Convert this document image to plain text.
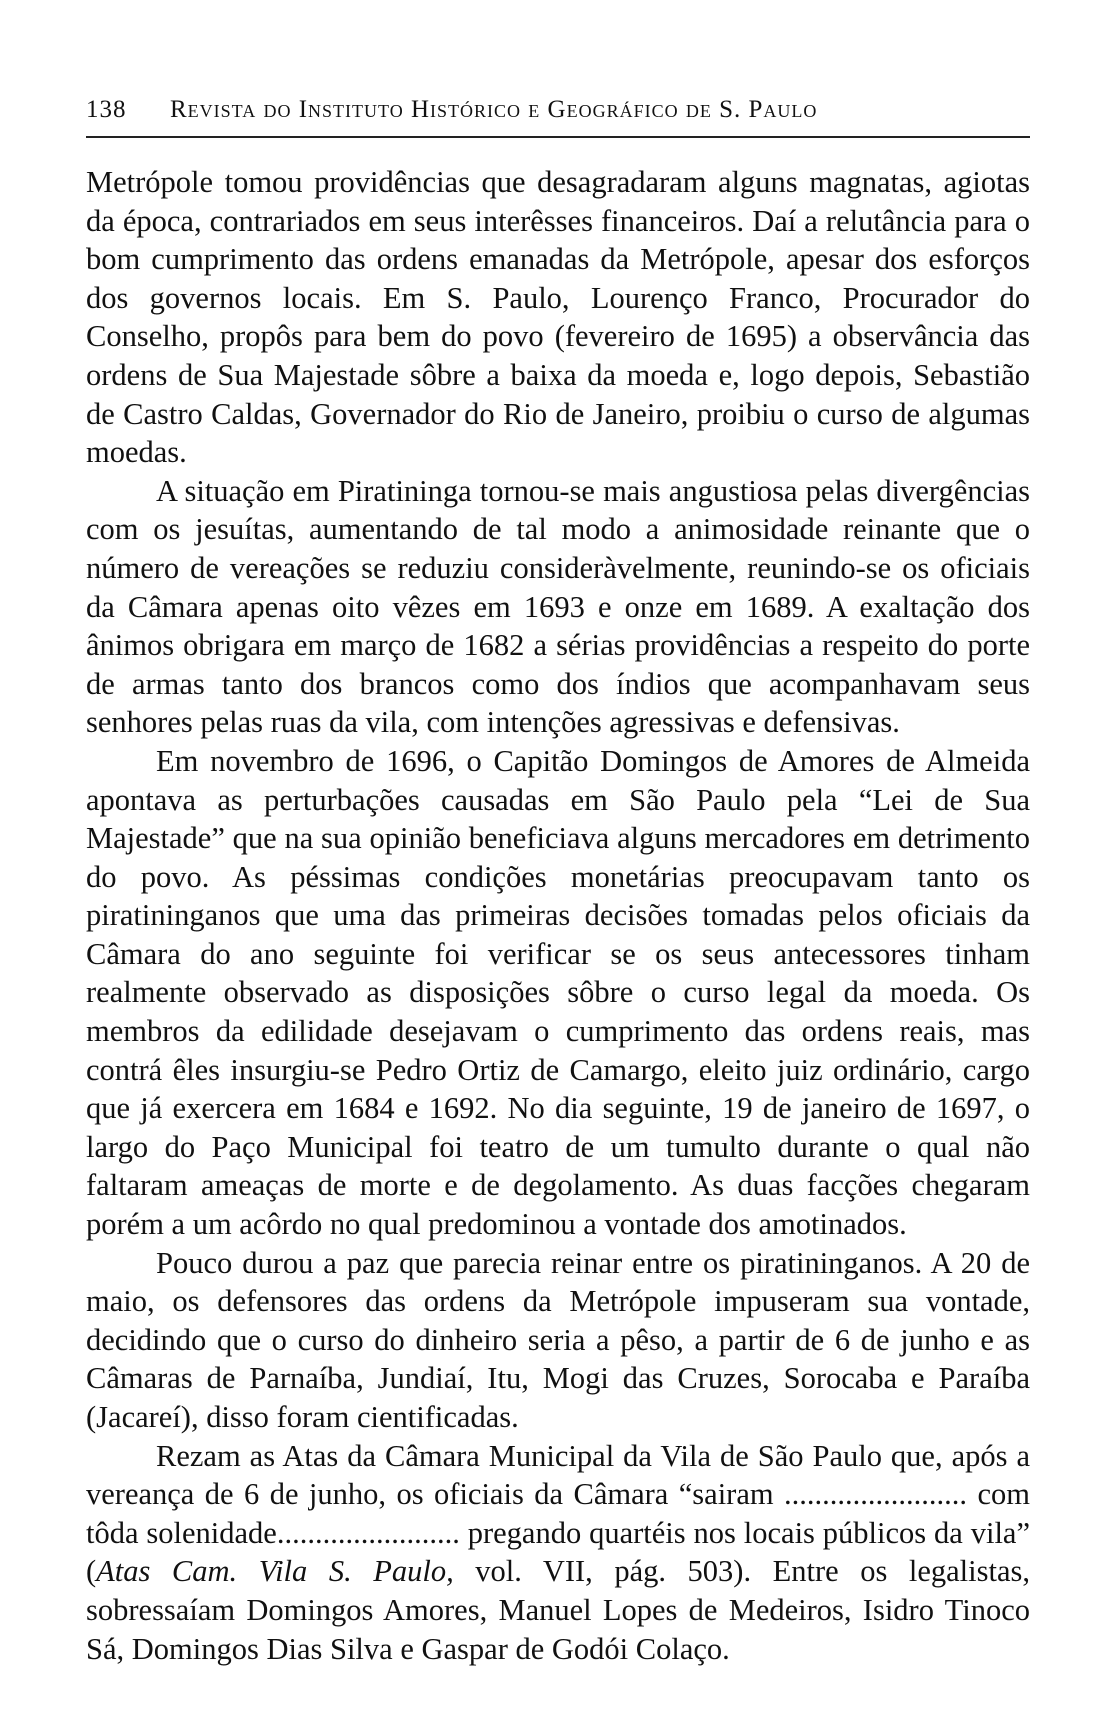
138	Revista do Instituto Histórico e Geográfico de S. Paulo

Metrópole tomou providências que desagradaram alguns magnatas, agiotas da época, contrariados em seus interêsses financeiros. Daí a relutância para o bom cumprimento das ordens emanadas da Metrópole, apesar dos esforços dos governos locais. Em S. Paulo, Lourenço Franco, Procurador do Conselho, propôs para bem do povo (fevereiro de 1695) a observância das ordens de Sua Majestade sôbre a baixa da moeda e, logo depois, Sebastião de Castro Caldas, Governador do Rio de Janeiro, proibiu o curso de algumas moedas.

A situação em Piratininga tornou-se mais angustiosa pelas divergências com os jesuítas, aumentando de tal modo a animosidade reinante que o número de vereações se reduziu consideràvelmente, reunindo-se os oficiais da Câmara apenas oito vêzes em 1693 e onze em 1689. A exaltação dos ânimos obrigara em março de 1682 a sérias providências a respeito do porte de armas tanto dos brancos como dos índios que acompanhavam seus senhores pelas ruas da vila, com intenções agressivas e defensivas.

Em novembro de 1696, o Capitão Domingos de Amores de Almeida apontava as perturbações causadas em São Paulo pela “Lei de Sua Majestade” que na sua opinião beneficiava alguns mercadores em detrimento do povo. As péssimas condições monetárias preocupavam tanto os piratininganos que uma das primeiras decisões tomadas pelos oficiais da Câmara do ano seguinte foi verificar se os seus antecessores tinham realmente observado as disposições sôbre o curso legal da moeda. Os membros da edilidade desejavam o cumprimento das ordens reais, mas contrá êles insurgiu-se Pedro Ortiz de Camargo, eleito juiz ordinário, cargo que já exercera em 1684 e 1692. No dia seguinte, 19 de janeiro de 1697, o largo do Paço Municipal foi teatro de um tumulto durante o qual não faltaram ameaças de morte e de degolamento. As duas facções chegaram porém a um acôrdo no qual predominou a vontade dos amotinados.

Pouco durou a paz que parecia reinar entre os piratininganos. A 20 de maio, os defensores das ordens da Metrópole impuseram sua vontade, decidindo que o curso do dinheiro seria a pêso, a partir de 6 de junho e as Câmaras de Parnaíba, Jundiaí, Itu, Mogi das Cruzes, Sorocaba e Paraíba (Jacareí), disso foram cientificadas.

Rezam as Atas da Câmara Municipal da Vila de São Paulo que, após a vereança de 6 de junho, os oficiais da Câmara “sairam ........................ com tôda solenidade........................ pregando quartéis nos locais públicos da vila” (Atas Cam. Vila S. Paulo, vol. VII, pág. 503). Entre os legalistas, sobressaíam Domingos Amores, Manuel Lopes de Medeiros, Isidro Tinoco Sá, Domingos Dias Silva e Gaspar de Godói Colaço.
